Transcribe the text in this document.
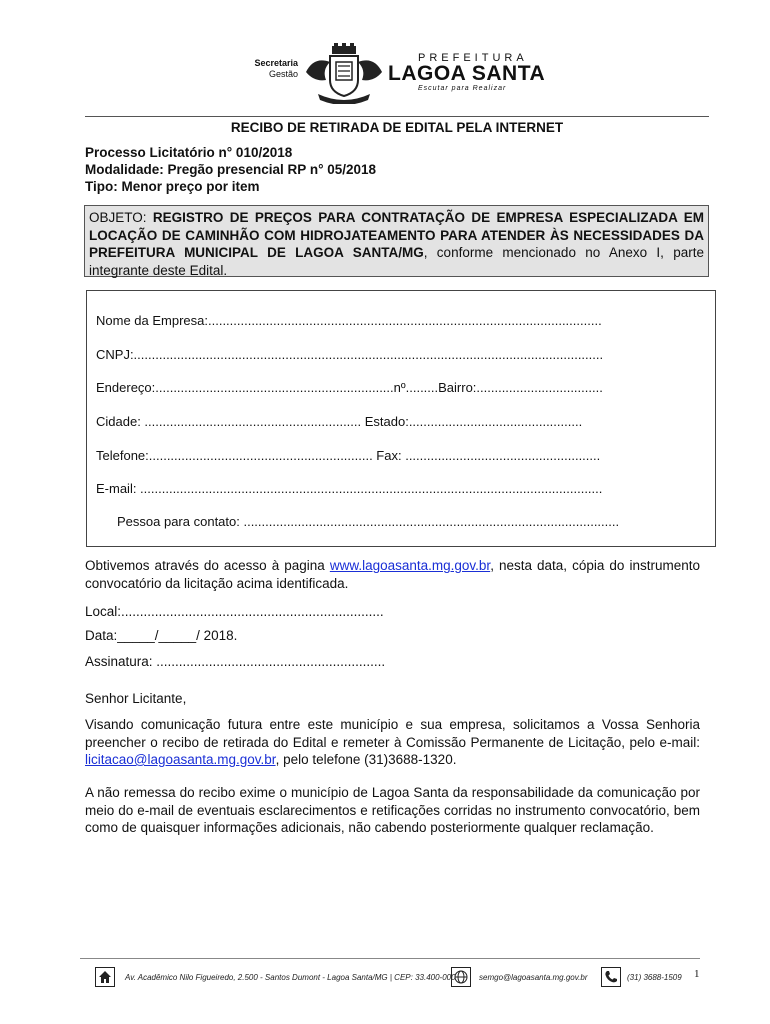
Secretaria
Gestão
PREFEITURA
LAGOA SANTA
Escutar para Realizar
RECIBO DE RETIRADA DE EDITAL PELA INTERNET
Processo Licitatório n° 010/2018
Modalidade: Pregão presencial RP n° 05/2018
Tipo: Menor preço por item
OBJETO: REGISTRO DE PREÇOS PARA CONTRATAÇÃO DE EMPRESA ESPECIALIZADA EM LOCAÇÃO DE CAMINHÃO COM HIDROJATEAMENTO PARA ATENDER ÀS NECESSIDADES DA PREFEITURA MUNICIPAL DE LAGOA SANTA/MG, conforme mencionado no Anexo I, parte integrante deste Edital.
Nome da Empresa:.............................................................................................................
CNPJ:..................................................................................................................................
Endereço:..................................................................nº.........Bairro:...................................
Cidade: ............................................................ Estado:................................................
Telefone:.............................................................. Fax: ......................................................
E-mail: ................................................................................................................................
Pessoa para contato: ........................................................................................................
Obtivemos através do acesso à pagina www.lagoasanta.mg.gov.br, nesta data, cópia do instrumento convocatório da licitação acima identificada.
Local:......................................................................
Data:_____/_____/ 2018.
Assinatura: .............................................................
Senhor Licitante,
Visando comunicação futura entre este município e sua empresa, solicitamos a Vossa Senhoria preencher o recibo de retirada do Edital e remeter à Comissão Permanente de Licitação, pelo e-mail: licitacao@lagoasanta.mg.gov.br, pelo telefone (31)3688-1320.
A não remessa do recibo exime o município de Lagoa Santa da responsabilidade da comunicação por meio do e-mail de eventuais esclarecimentos e retificações corridas no instrumento convocatório, bem como de quaisquer informações adicionais, não cabendo posteriormente qualquer reclamação.
Av. Acadêmico Nilo Figueiredo, 2.500 - Santos Dumont - Lagoa Santa/MG | CEP: 33.400-000	semgo@lagoasanta.mg.gov.br	(31) 3688-1509 1
